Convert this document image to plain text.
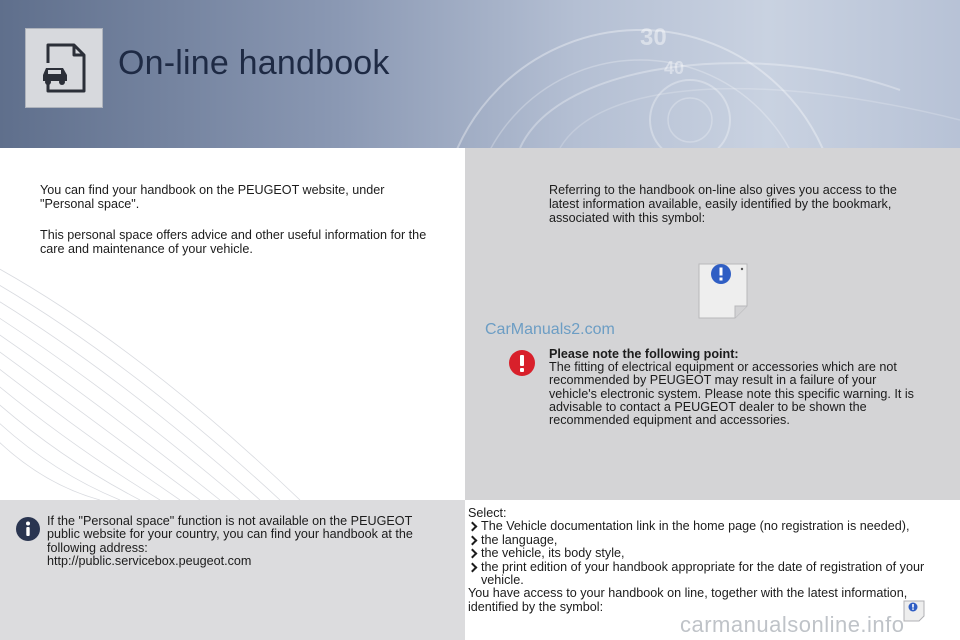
30
40
On-line handbook

You can find your handbook on the PEUGEOT website, under "Personal space".

This personal space offers advice and other useful information for the care and maintenance of your vehicle.

Referring to the handbook on-line also gives you access to the latest information available, easily identified by the bookmark, associated with this symbol:

CarManuals2.com
Please note the following point:
The fitting of electrical equipment or accessories which are not recommended by PEUGEOT may result in a failure of your vehicle's electronic system. Please note this specific warning. It is advisable to contact a PEUGEOT dealer to be shown the recommended equipment and accessories.

If the "Personal space" function is not available on the PEUGEOT public website for your country, you can find your handbook at the following address:
http://public.servicebox.peugeot.com

Select:
The Vehicle documentation link in the home page (no registration is needed),
the language,
the vehicle, its body style,
the print edition of your handbook appropriate for the date of registration of your vehicle.
You have access to your handbook on line, together with the latest information, identified by the symbol:
carmanualsonline.info
